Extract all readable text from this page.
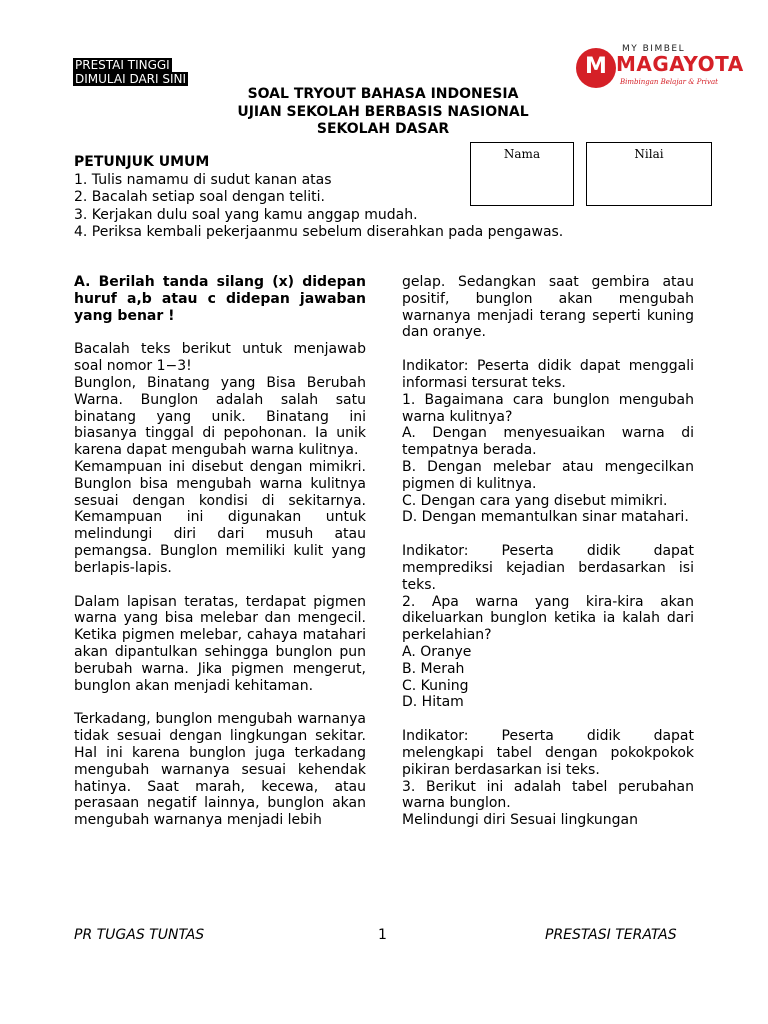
PRESTAI TINGGI
DIMULAI DARI SINI
M
MY BIMBEL
MAGAYOTA
Bimbingan Belajar & Privat
SOAL TRYOUT BAHASA INDONESIA
UJIAN SEKOLAH BERBASIS NASIONAL
SEKOLAH DASAR
Nama	Nilai
PETUNJUK UMUM

1. Tulis namamu di sudut kanan atas

2. Bacalah setiap soal dengan teliti.

3. Kerjakan dulu soal yang kamu anggap mudah.

4. Periksa kembali pekerjaanmu sebelum diserahkan pada pengawas.

A. Berilah tanda silang (x) didepan huruf a,b atau c didepan jawaban yang benar !

Bacalah teks berikut untuk menjawab soal nomor 1−3!

Bunglon, Binatang yang Bisa Berubah Warna. Bunglon adalah salah satu binatang yang unik. Binatang ini biasanya tinggal di pepohonan. Ia unik karena dapat mengubah warna kulitnya.

Kemampuan ini disebut dengan mimikri. Bunglon bisa mengubah warna kulitnya sesuai dengan kondisi di sekitarnya. Kemampuan ini digunakan untuk melindungi diri dari musuh atau pemangsa. Bunglon memiliki kulit yang berlapis-lapis.

Dalam lapisan teratas, terdapat pigmen warna yang bisa melebar dan mengecil. Ketika pigmen melebar, cahaya matahari akan dipantulkan sehingga bunglon pun berubah warna. Jika pigmen mengerut, bunglon akan menjadi kehitaman.

Terkadang, bunglon mengubah warnanya tidak sesuai dengan lingkungan sekitar. Hal ini karena bunglon juga terkadang mengubah warnanya sesuai kehendak hatinya. Saat marah, kecewa, atau perasaan negatif lainnya, bunglon akan mengubah warnanya menjadi lebih

gelap. Sedangkan saat gembira atau positif, bunglon akan mengubah warnanya menjadi terang seperti kuning dan oranye.

Indikator: Peserta didik dapat menggali informasi tersurat teks.

1. Bagaimana cara bunglon mengubah warna kulitnya?

A. Dengan menyesuaikan warna di tempatnya berada.

B. Dengan melebar atau mengecilkan pigmen di kulitnya.

C. Dengan cara yang disebut mimikri.

D. Dengan memantulkan sinar matahari.

Indikator: Peserta didik dapat memprediksi kejadian berdasarkan isi teks.

2. Apa warna yang kira-kira akan dikeluarkan bunglon ketika ia kalah dari perkelahian?

A. Oranye

B. Merah

C. Kuning

D. Hitam

Indikator: Peserta didik dapat melengkapi tabel dengan pokokpokok pikiran berdasarkan isi teks.

3. Berikut ini adalah tabel perubahan warna bunglon.

Melindungi diri Sesuai lingkungan

PR TUGAS TUNTAS	1	PRESTASI TERATAS
